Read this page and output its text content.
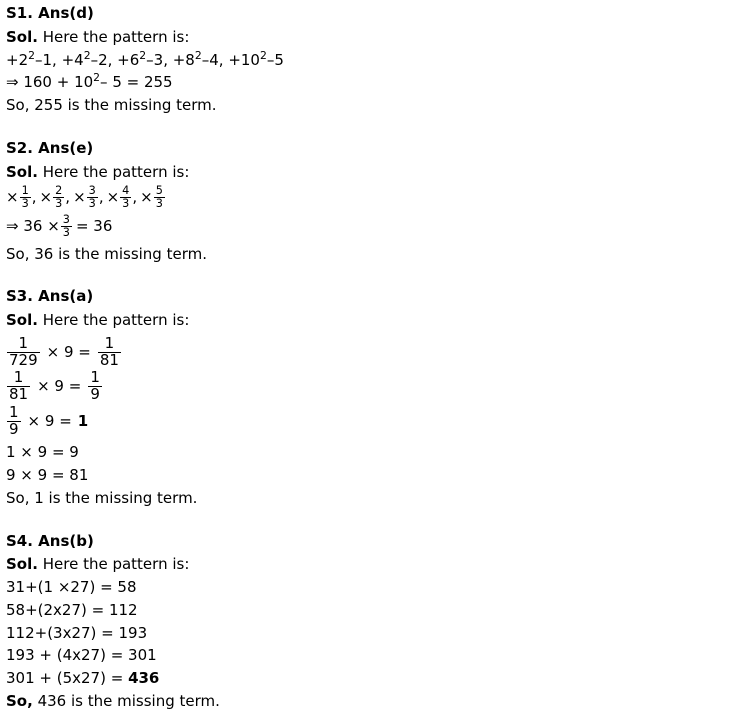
S1. Ans(d)
Sol. Here the pattern is:
$+2^2-1$, $+4^2-2$, $+6^2-3$, $+8^2-4$, $+10^2-5$
⇒ $160 + 10^2-$ 5 = 255
So, 255 is the missing term.
S2. Ans(e)
Sol. Here the pattern is:
× $\frac{1}{3}$ , × $\frac{2}{3}$ , × $\frac{3}{3}$ , × $\frac{4}{3}$ , × $\frac{5}{3}$
⇒ $36 \times \frac{3}{3} = 36$
So, 36 is the missing term.
S3. Ans(a)
Sol. Here the pattern is:
$\frac{1}{729} \times 9 = \frac{1}{81}$
$\frac{1}{81} \times 9 = \frac{1}{9}$
$\frac{1}{9} \times 9 = 1$
1 × 9 = 9
9 × 9 = 81
So, 1 is the missing term.
S4. Ans(b)
Sol. Here the pattern is:
31+(1 ×27) = 58
58+(2x27) = 112
112+(3x27) = 193
193 + (4x27) = 301
301 + (5x27) = 436
So, 436 is the missing term.
